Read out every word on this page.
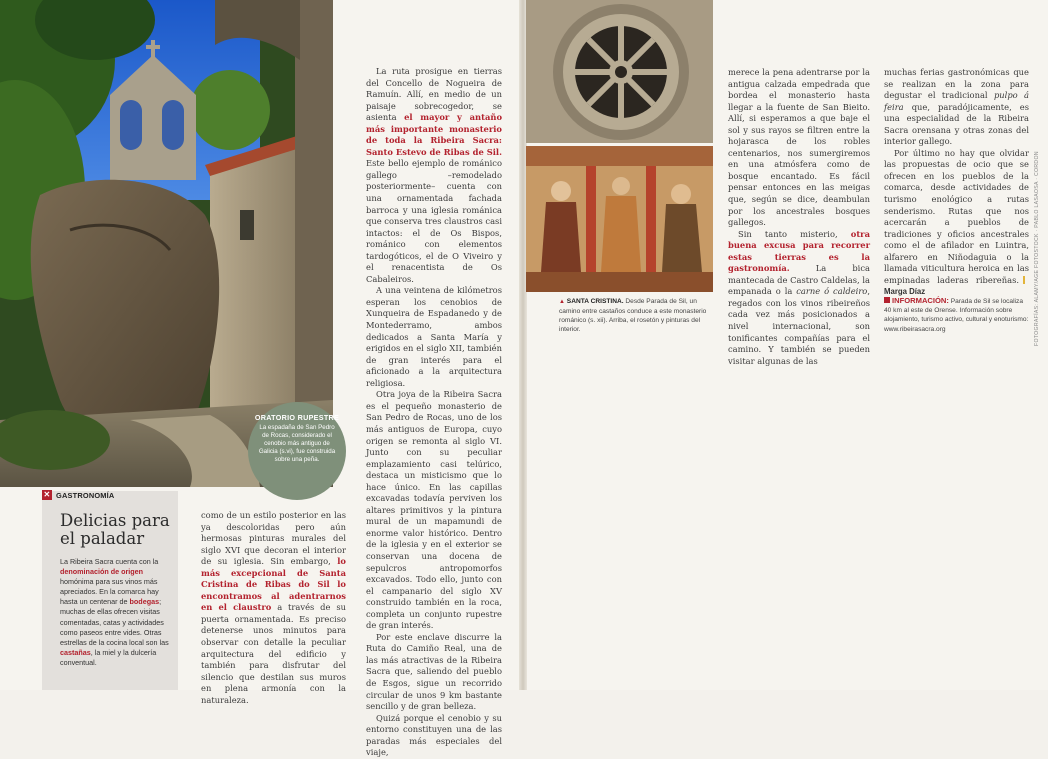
ORATORIO RUPESTRE
La espadaña de San Pedro de Rocas, considerado el cenobio más antiguo de Galicia (s.vi), fue construida sobre una peña.
✕ GASTRONOMÍA
Delicias para el paladar
La Ribeira Sacra cuenta con la denominación de origen homónima para sus vinos más apreciados. En la comarca hay hasta un centenar de bodegas; muchas de ellas ofrecen visitas comentadas, catas y actividades como paseos entre vides. Otras estrellas de la cocina local son las castañas, la miel y la dulcería conventual.

como de un estilo posterior en las ya descoloridas pero aún hermosas pinturas murales del siglo XVI que decoran el interior de su iglesia. Sin embargo, lo más excepcional de Santa Cristina de Ribas do Sil lo encontramos al adentrarnos en el claustro a través de su puerta ornamentada. Es preciso detenerse unos minutos para observar con detalle la peculiar arquitectura del edificio y también para disfrutar del silencio que destilan sus muros en plena armonía con la naturaleza.

La ruta prosigue en tierras del Concello de Nogueira de Ramuín. Allí, en medio de un paisaje sobrecogedor, se asienta el mayor y antaño más importante monasterio de toda la Ribeira Sacra: Santo Estevo de Ribas de Sil. Este bello ejemplo de románico gallego –remodelado posteriormente– cuenta con una ornamentada fachada barroca y una iglesia románica que conserva tres claustros casi intactos: el de Os Bispos, románico con elementos tardogóticos, el de O Viveiro y el renacentista de Os Cabaleiros.

A una veintena de kilómetros esperan los cenobios de Xunqueira de Espadanedo y de Montederramo, ambos dedicados a Santa María y erigidos en el siglo XII, también de gran interés para el aficionado a la arquitectura religiosa.

Otra joya de la Ribeira Sacra es el pequeño monasterio de San Pedro de Rocas, uno de los más antiguos de Europa, cuyo origen se remonta al siglo VI. Junto con su peculiar emplazamiento casi telúrico, destaca un misticismo que lo hace único. En las capillas excavadas todavía perviven los altares primitivos y la pintura mural de un mapamundi de enorme valor histórico. Dentro de la iglesia y en el exterior se conservan una docena de sepulcros antropomorfos excavados. Todo ello, junto con el campanario del siglo XV construido también en la roca, completa un conjunto rupestre de gran interés.

Por este enclave discurre la Ruta do Camiño Real, una de las más atractivas de la Ribeira Sacra que, saliendo del pueblo de Esgos, sigue un recorrido circular de unos 9 km bastante sencillo y de gran belleza.

Quizá porque el cenobio y su entorno constituyen una de las paradas más especiales del viaje,

▲ SANTA CRISTINA. Desde Parada de Sil, un camino entre castaños conduce a este monasterio románico (s. xii). Arriba, el rosetón y pinturas del interior.

merece la pena adentrarse por la antigua calzada empedrada que bordea el monasterio hasta llegar a la fuente de San Bieito. Allí, si esperamos a que baje el sol y sus rayos se filtren entre la hojarasca de los robles centenarios, nos sumergiremos en una atmósfera como de bosque encantado. Es fácil pensar entonces en las meigas que, según se dice, deambulan por los ancestrales bosques gallegos.

Sin tanto misterio, otra buena excusa para recorrer estas tierras es la gastronomía. La bica mantecada de Castro Caldelas, la empanada o la carne ó caldeiro, regados con los vinos ribeireños cada vez más posicionados a nivel internacional, son tonificantes compañías para el camino. Y también se pueden visitar algunas de las

muchas ferias gastronómicas que se realizan en la zona para degustar el tradicional pulpo á feira que, paradójicamente, es una especialidad de la Ribeira Sacra orensana y otras zonas del interior gallego.

Por último no hay que olvidar las propuestas de ocio que se ofrecen en los pueblos de la comarca, desde actividades de turismo enológico a rutas senderismo. Rutas que nos acercarán a pueblos de tradiciones y oficios ancestrales como el de afilador en Luintra, alfarero en Niñodaguia o la llamada viticultura heroica en las empinadas laderas ribereñas.Marga Díaz

INFORMACIÓN: Parada de Sil se localiza 40 km al este de Orense. Información sobre alojamiento, turismo activo, cultural y enoturismo: www.ribeirasacra.org	FOTOGRAFÍAS: ALAMY/AGE FOTOSTOCK · PABLO LASAOSA · CORDON
